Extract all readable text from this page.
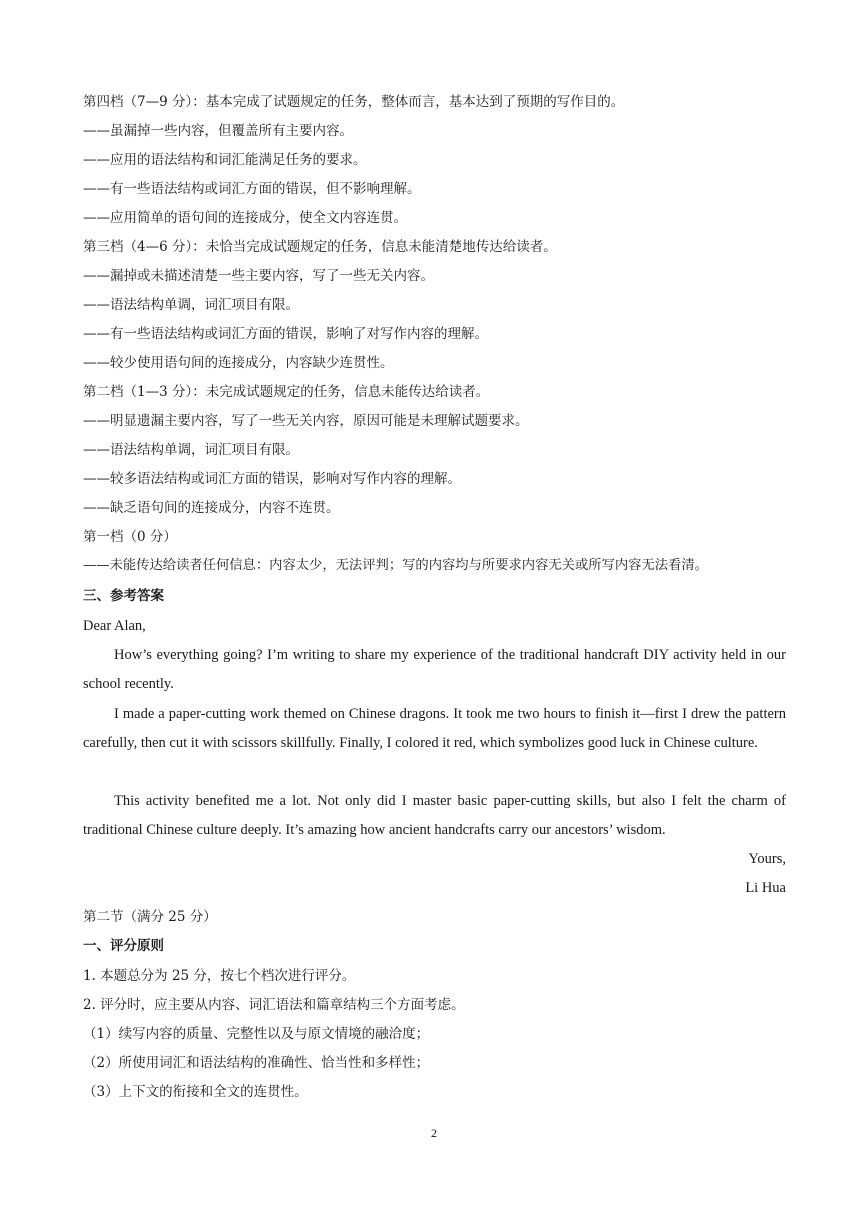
第四档（7—9 分）：基本完成了试题规定的任务，整体而言，基本达到了预期的写作目的。
——虽漏掉一些内容，但覆盖所有主要内容。
——应用的语法结构和词汇能满足任务的要求。
——有一些语法结构或词汇方面的错误，但不影响理解。
——应用简单的语句间的连接成分，使全文内容连贯。
第三档（4—6 分）：未恰当完成试题规定的任务，信息未能清楚地传达给读者。
——漏掉或未描述清楚一些主要内容，写了一些无关内容。
——语法结构单调，词汇项目有限。
——有一些语法结构或词汇方面的错误，影响了对写作内容的理解。
——较少使用语句间的连接成分，内容缺少连贯性。
第二档（1—3 分）：未完成试题规定的任务，信息未能传达给读者。
——明显遗漏主要内容，写了一些无关内容，原因可能是未理解试题要求。
——语法结构单调，词汇项目有限。
——较多语法结构或词汇方面的错误，影响对写作内容的理解。
——缺乏语句间的连接成分，内容不连贯。
第一档（0 分）
——未能传达给读者任何信息：内容太少，无法评判；写的内容均与所要求内容无关或所写内容无法看清。
三、参考答案
Dear Alan,
How’s everything going? I’m writing to share my experience of the traditional handcraft DIY activity held in our school recently.
I made a paper-cutting work themed on Chinese dragons. It took me two hours to finish it—first I drew the pattern carefully, then cut it with scissors skillfully. Finally, I colored it red, which symbolizes good luck in Chinese culture.
This activity benefited me a lot. Not only did I master basic paper-cutting skills, but also I felt the charm of traditional Chinese culture deeply. It’s amazing how ancient handcrafts carry our ancestors’ wisdom.
Yours,
Li Hua
第二节（满分 25 分）
一、评分原则
1. 本题总分为 25 分，按七个档次进行评分。
2. 评分时，应主要从内容、词汇语法和篇章结构三个方面考虑。
（1）续写内容的质量、完整性以及与原文情境的融洽度；
（2）所使用词汇和语法结构的准确性、恰当性和多样性；
（3）上下文的衔接和全文的连贯性。
2
